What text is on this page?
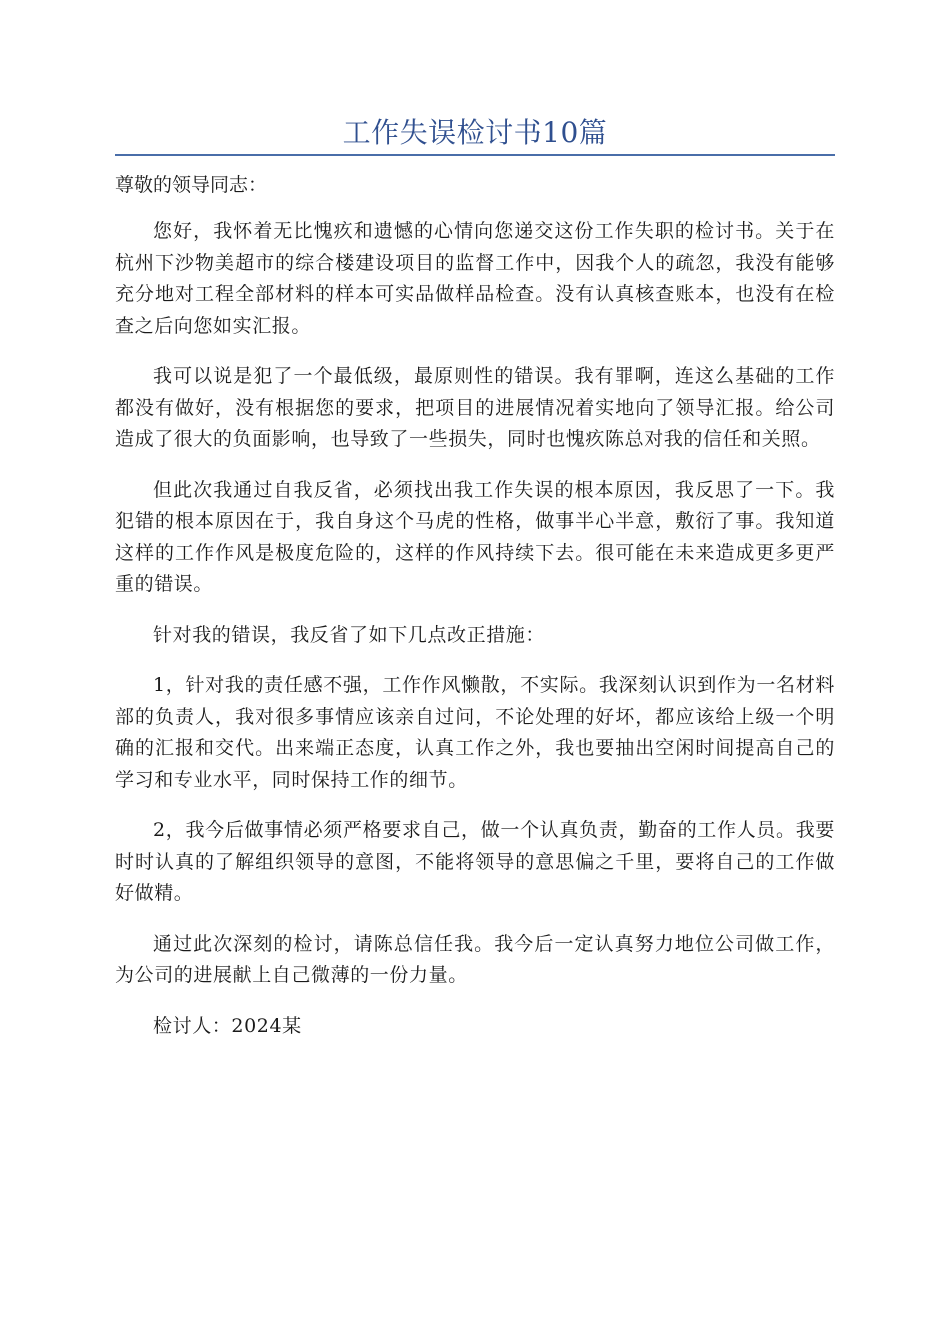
工作失误检讨书10篇
尊敬的领导同志：

您好，我怀着无比愧疚和遗憾的心情向您递交这份工作失职的检讨书。关于在杭州下沙物美超市的综合楼建设项目的监督工作中，因我个人的疏忽，我没有能够充分地对工程全部材料的样本可实品做样品检查。没有认真核查账本，也没有在检查之后向您如实汇报。

我可以说是犯了一个最低级，最原则性的错误。我有罪啊，连这么基础的工作都没有做好，没有根据您的要求，把项目的进展情况着实地向了领导汇报。给公司造成了很大的负面影响，也导致了一些损失，同时也愧疚陈总对我的信任和关照。

但此次我通过自我反省，必须找出我工作失误的根本原因，我反思了一下。我犯错的根本原因在于，我自身这个马虎的性格，做事半心半意，敷衍了事。我知道这样的工作作风是极度危险的，这样的作风持续下去。很可能在未来造成更多更严重的错误。

针对我的错误，我反省了如下几点改正措施：

1，针对我的责任感不强，工作作风懒散，不实际。我深刻认识到作为一名材料部的负责人，我对很多事情应该亲自过问，不论处理的好坏，都应该给上级一个明确的汇报和交代。出来端正态度，认真工作之外，我也要抽出空闲时间提高自己的学习和专业水平，同时保持工作的细节。

2，我今后做事情必须严格要求自己，做一个认真负责，勤奋的工作人员。我要时时认真的了解组织领导的意图，不能将领导的意思偏之千里，要将自己的工作做好做精。

通过此次深刻的检讨，请陈总信任我。我今后一定认真努力地位公司做工作，为公司的进展献上自己微薄的一份力量。

检讨人：2024某
